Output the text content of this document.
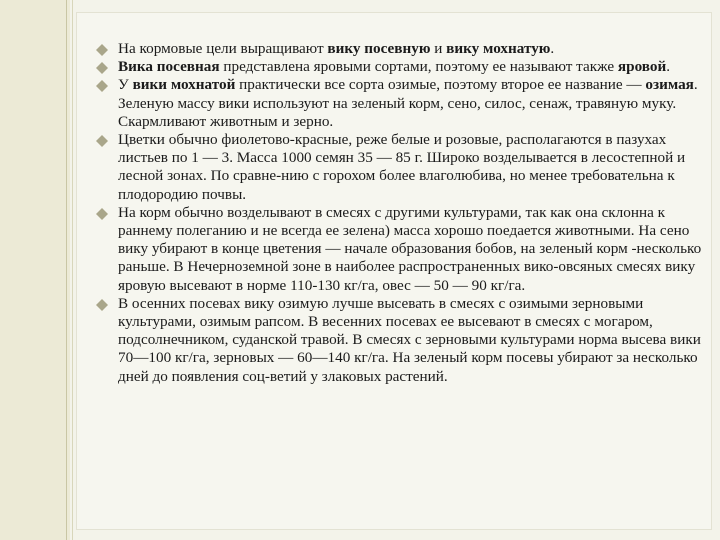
На кормовые цели выращивают вику посевную и вику мохнатую.
Вика посевная представлена яровыми сортами, поэтому ее называют также яровой.
У вики мохнатой практически все сорта озимые, поэтому второе ее название — озимая. Зеленую массу вики используют на зеленый корм, сено, силос, сенаж, травяную муку. Скармливают животным и зерно.
Цветки обычно фиолетово-красные, реже белые и розовые, располагаются в пазухах листьев по 1 — 3. Масса 1000 семян 35 — 85 г. Широко возделывается в лесостепной и лесной зонах. По сравне-нию с горохом более влаголюбива, но менее требовательна к плодородию почвы.
На корм обычно возделывают в смесях с другими культурами, так как она склонна к раннему полеганию и не всегда ее зелена) масса хорошо поедается животными. На сено вику убирают в конце цветения — начале образования бобов, на зеленый корм -несколько раньше. В Нечерноземной зоне в наиболее распространенных вико-овсяных смесях вику яровую высевают в норме 110-130 кг/га, овес — 50 — 90 кг/га.
В осенних посевах вику озимую лучше высевать в смесях с озимыми зерновыми культурами, озимым рапсом. В весенних посевах ее высевают в смесях с могаром, подсолнечником, суданской травой. В смесях с зерновыми культурами норма высева вики 70—100 кг/га, зерновых — 60—140 кг/га. На зеленый корм посевы убирают за несколько дней до появления соц-ветий у злаковых растений.
